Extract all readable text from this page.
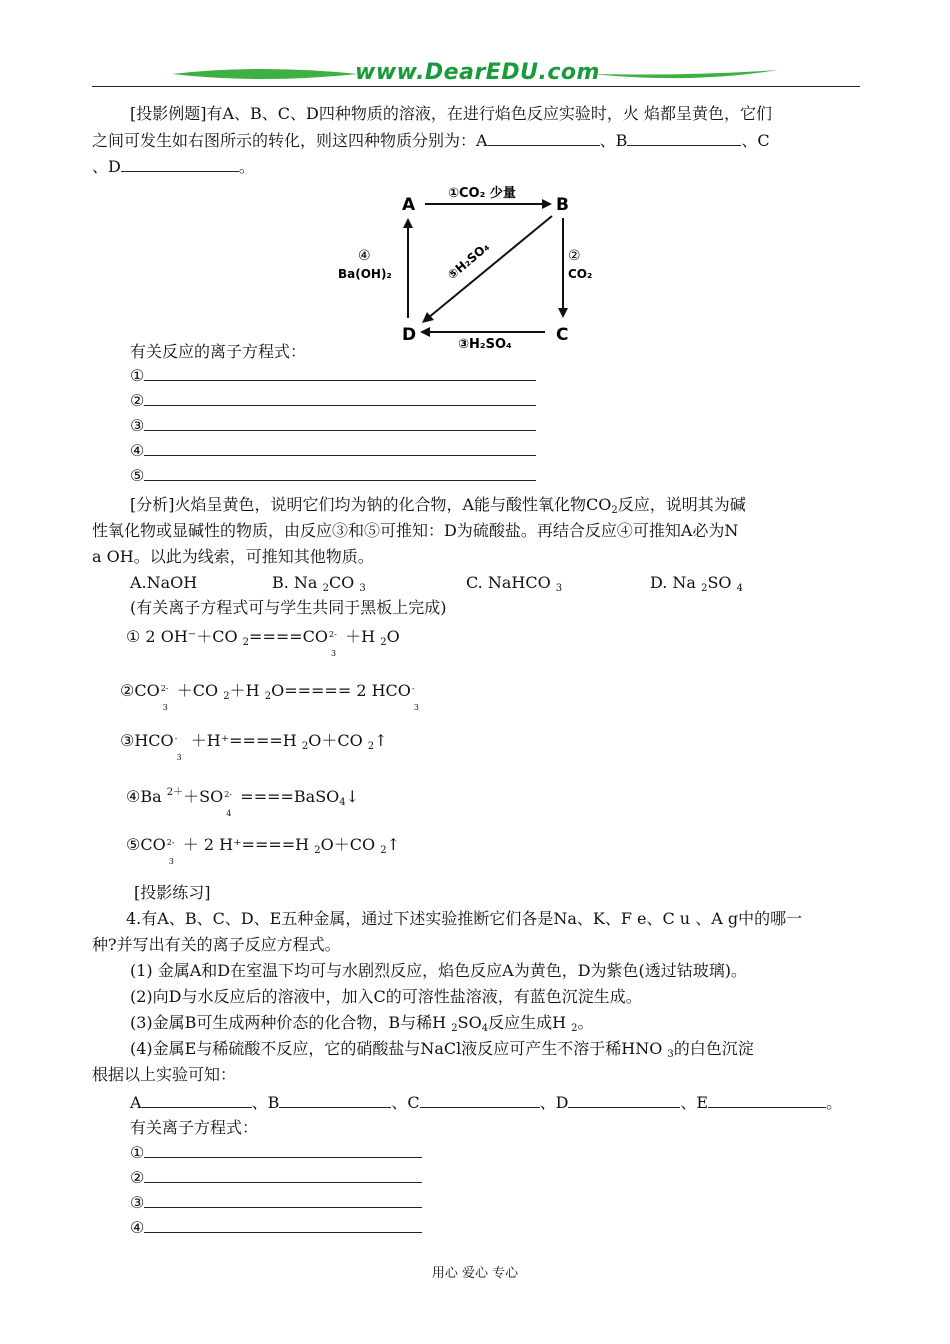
www.DearEDU.com
[投影例题]有A、B、C、D四种物质的溶液，在进行焰色反应实验时，火 焰都呈黄色，它们
之间可发生如右图所示的转化，则这四种物质分别为：A	、B	、C
、D	。
A	B
C
D
①CO₂ 少量
②
CO₂
③H₂SO₄
④
Ba(OH)₂	⑤H₂SO₄
有关反应的离子方程式：
①
②
③
④
⑤
[分析]火焰呈黄色，说明它们均为钠的化合物，A能与酸性氧化物$CO_2$反应，说明其为碱
性氧化物或显碱性的物质，由反应③和⑤可推知：D为硫酸盐。再结合反应④可推知A必为N
a OH。以此为线索，可推知其他物质。
A.NaOH	B. Na $_2$CO $_3$	C. NaHCO $_3$	D. Na $_2$SO $_4$
(有关离子方程式可与学生共同于黑板上完成)
① 2 OH⁻＋CO $_2$====CO 2-
3
＋H $_2$O
②CO 2-
3
＋CO $_2$＋H $_2$O===== 2 HCO -
3
③HCO -
3
＋H⁺====H $_2$O＋CO $_2$↑
④Ba $^{2+}$＋SO 2-
4
====BaSO$_4$↓
⑤CO 2-
3
＋ 2 H⁺====H $_2$O＋CO $_2$↑
[投影练习]
4.有A、B、C、D、E五种金属，通过下述实验推断它们各是Na、K、F e、C u 、A g中的哪一
种?并写出有关的离子反应方程式。
(1) 金属A和D在室温下均可与水剧烈反应，焰色反应A为黄色，D为紫色(透过钴玻璃)。
(2)向D与水反应后的溶液中，加入C的可溶性盐溶液，有蓝色沉淀生成。
(3)金属B可生成两种价态的化合物，B与稀H $_2SO_4$反应生成H $_2$。
(4)金属E与稀硫酸不反应，它的硝酸盐与NaCl液反应可产生不溶于稀HNO $_3$的白色沉淀
根据以上实验可知：
A	、B	、C	、D	、E	。
有关离子方程式：
①
②
③
④
用心 爱心 专心
